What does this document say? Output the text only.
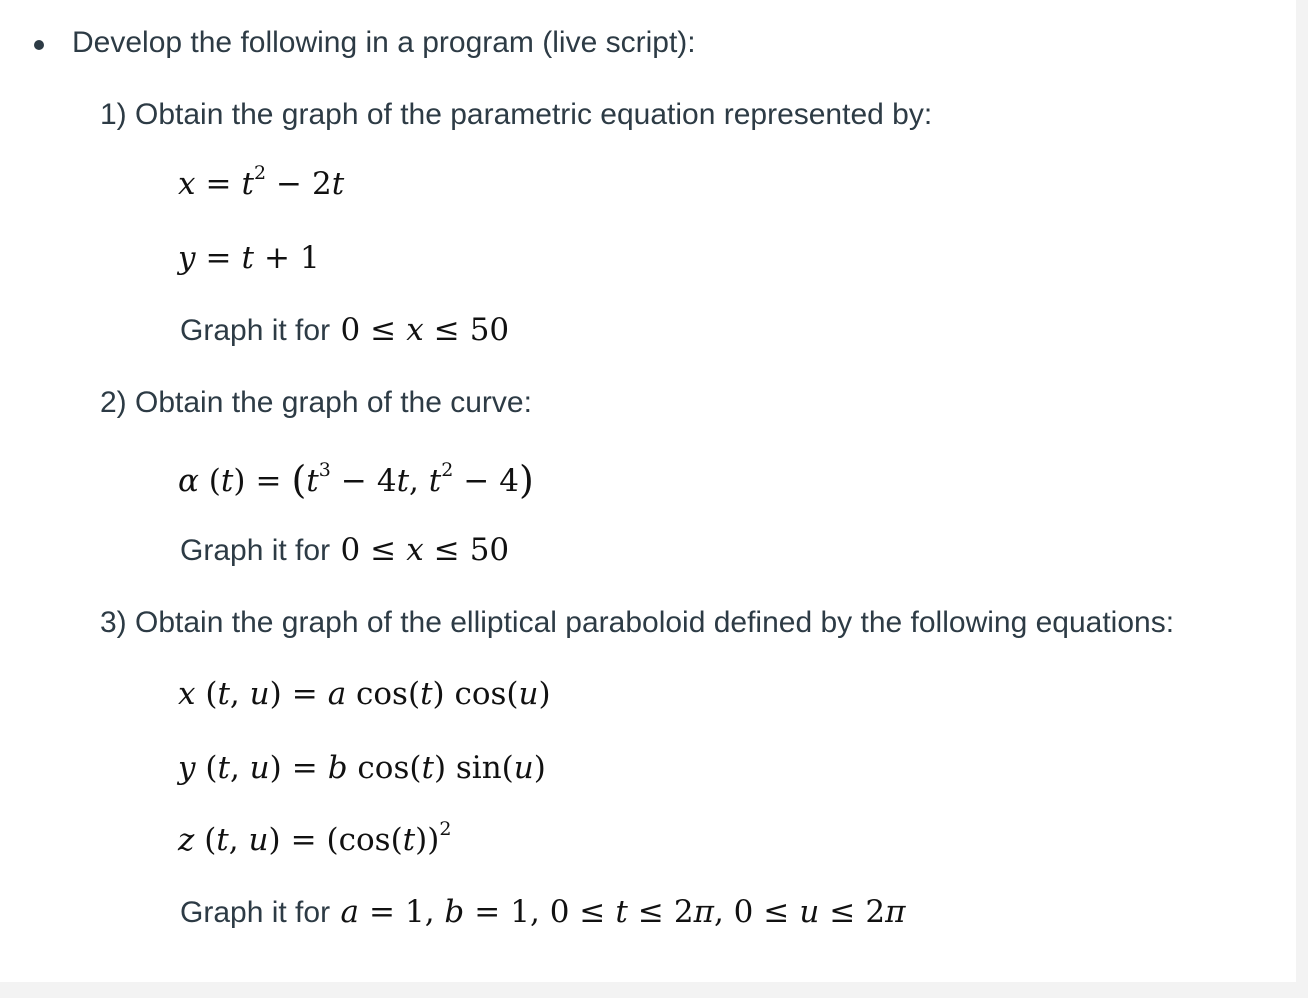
Develop the following in a program (live script):
1) Obtain the graph of the parametric equation represented by:
$x = t^2 - 2t$
y = t + 1
Graph it for 0 ≤ x ≤ 50
2) Obtain the graph of the curve:
α $(t) = (t^3 - 4t$, $t^2 - 4$)
Graph it for 0 ≤ x ≤ 50
3) Obtain the graph of the elliptical paraboloid defined by the following equations:
x (t, u) = a cos(t) cos(u)
y (t, u) = b cos(t) sin(u)
z (t, $u) = (\cos(t))^2$
Graph it for a = 1, b = 1, 0 ≤ t ≤ 2π, 0 ≤ u ≤ 2π
